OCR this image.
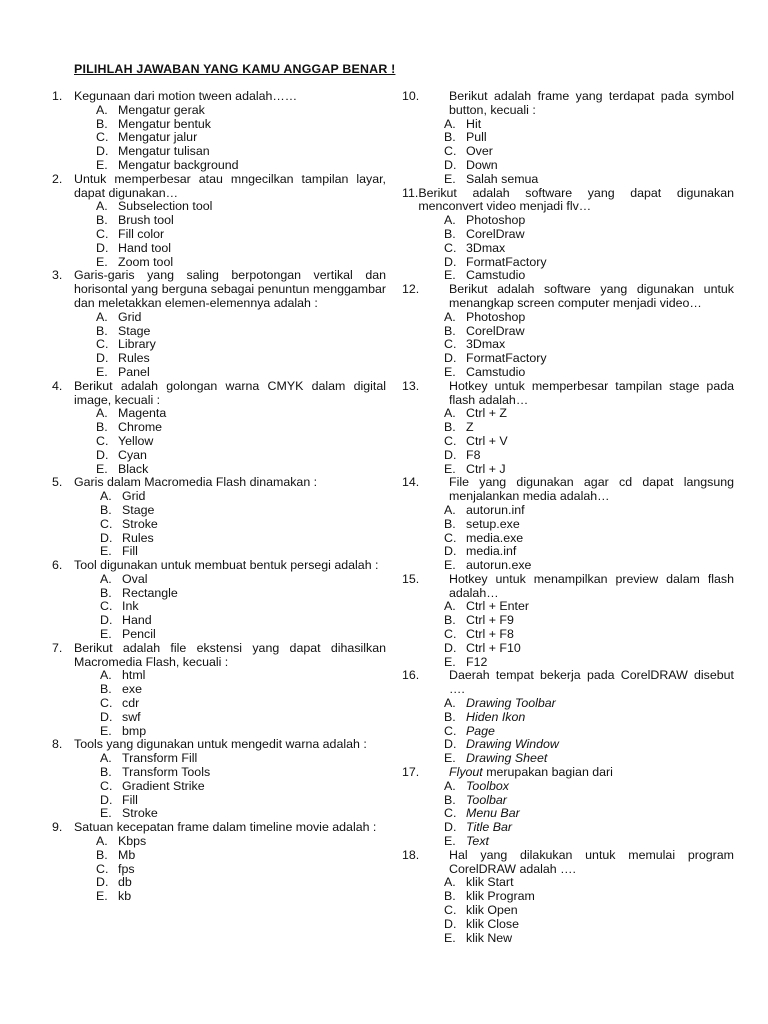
PILIHLAH JAWABAN YANG KAMU ANGGAP BENAR !
1. Kegunaan dari motion tween adalah……
A. Mengatur gerak
B. Mengatur bentuk
C. Mengatur jalur
D. Mengatur tulisan
E. Mengatur background
2. Untuk memperbesar atau mngecilkan tampilan layar, dapat digunakan…
A. Subselection tool
B. Brush tool
C. Fill color
D. Hand tool
E. Zoom tool
3. Garis-garis yang saling berpotongan vertikal dan horisontal yang berguna sebagai penuntun menggambar dan meletakkan elemen-elemennya adalah :
A. Grid
B. Stage
C. Library
D. Rules
E. Panel
4. Berikut adalah golongan warna CMYK dalam digital image, kecuali :
A. Magenta
B. Chrome
C. Yellow
D. Cyan
E. Black
5. Garis dalam Macromedia Flash dinamakan :
A. Grid
B. Stage
C. Stroke
D. Rules
E. Fill
6. Tool digunakan untuk membuat bentuk persegi adalah :
A. Oval
B. Rectangle
C. Ink
D. Hand
E. Pencil
7. Berikut adalah file ekstensi yang dapat dihasilkan Macromedia Flash, kecuali :
A. html
B. exe
C. cdr
D. swf
E. bmp
8. Tools yang digunakan untuk mengedit warna adalah :
A. Transform Fill
B. Transform Tools
C. Gradient Strike
D. Fill
E. Stroke
9. Satuan kecepatan frame dalam timeline movie adalah :
A. Kbps
B. Mb
C. fps
D. db
E. kb
10.	Berikut adalah frame yang terdapat pada symbol button, kecuali :
A. Hit
B. Pull
C. Over
D. Down
E. Salah semua
11. Berikut adalah software yang dapat digunakan menconvert video menjadi flv…
A. Photoshop
B. CorelDraw
C. 3Dmax
D. FormatFactory
E. Camstudio
12.	Berikut adalah software yang digunakan untuk menangkap screen computer menjadi video…
A. Photoshop
B. CorelDraw
C. 3Dmax
D. FormatFactory
E. Camstudio
13.	Hotkey untuk memperbesar tampilan stage pada flash adalah…
A. Ctrl + Z
B. Z
C. Ctrl + V
D. F8
E. Ctrl + J
14.	File yang digunakan agar cd dapat langsung menjalankan media adalah…
A. autorun.inf
B. setup.exe
C. media.exe
D. media.inf
E. autorun.exe
15.	Hotkey untuk menampilkan preview dalam flash adalah…
A. Ctrl + Enter
B. Ctrl + F9
C. Ctrl + F8
D. Ctrl + F10
E. F12
16.	Daerah tempat bekerja pada CorelDRAW disebut ….
A. Drawing Toolbar
B. Hiden Ikon
C. Page
D. Drawing Window
E. Drawing Sheet
17.	Flyout merupakan bagian dari
A. Toolbox
B. Toolbar
C. Menu Bar
D. Title Bar
E. Text
18.	Hal yang dilakukan untuk memulai program CorelDRAW adalah ….
A. klik Start
B. klik Program
C. klik Open
D. klik Close
E. klik New
